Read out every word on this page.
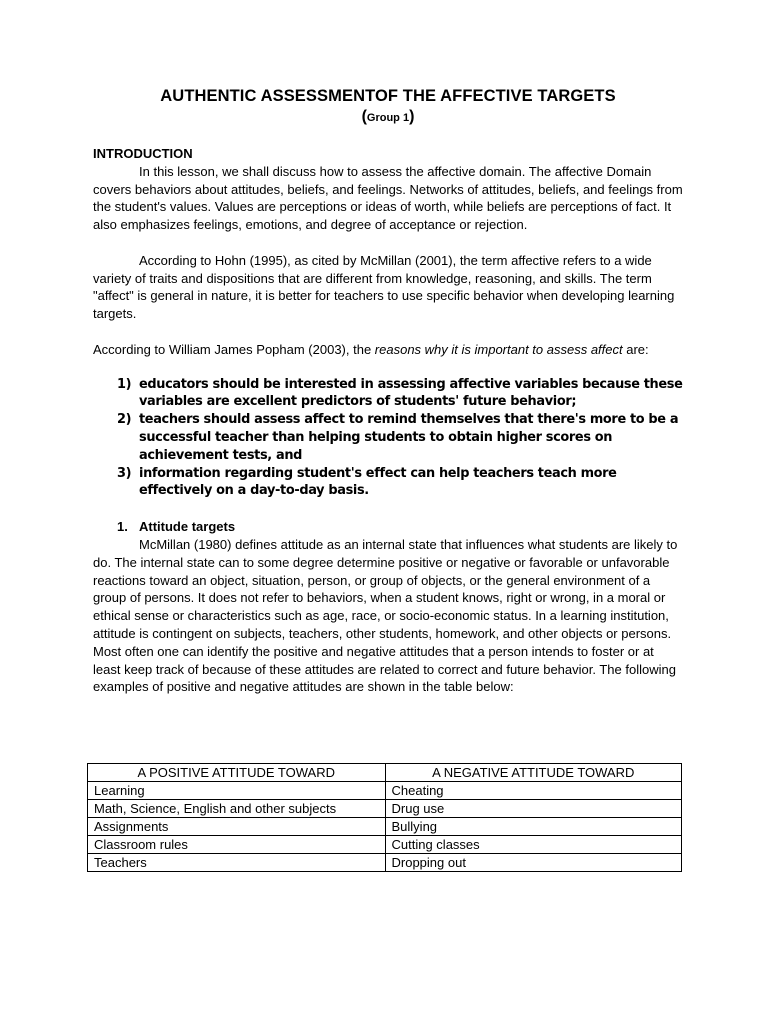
AUTHENTIC ASSESSMENTOF THE AFFECTIVE TARGETS
(Group 1)
INTRODUCTION

In this lesson, we shall discuss how to assess the affective domain. The affective Domain covers behaviors about attitudes, beliefs, and feelings. Networks of attitudes, beliefs, and feelings from the student's values. Values are perceptions or ideas of worth, while beliefs are perceptions of fact. It also emphasizes feelings, emotions, and degree of acceptance or rejection.

According to Hohn (1995), as cited by McMillan (2001), the term affective refers to a wide variety of traits and dispositions that are different from knowledge, reasoning, and skills. The term "affect" is general in nature, it is better for teachers to use specific behavior when developing learning targets.

According to William James Popham (2003), the reasons why it is important to assess affect are:

1) educators should be interested in assessing affective variables because these variables are excellent predictors of students' future behavior;
2) teachers should assess affect to remind themselves that there's more to be a successful teacher than helping students to obtain higher scores on achievement tests, and
3) information regarding student's effect can help teachers teach more effectively on a day-to-day basis.
1. Attitude targets

McMillan (1980) defines attitude as an internal state that influences what students are likely to do. The internal state can to some degree determine positive or negative or favorable or unfavorable reactions toward an object, situation, person, or group of objects, or the general environment of a group of persons. It does not refer to behaviors, when a student knows, right or wrong, in a moral or ethical sense or characteristics such as age, race, or socio-economic status. In a learning institution, attitude is contingent on subjects, teachers, other students, homework, and other objects or persons. Most often one can identify the positive and negative attitudes that a person intends to foster or at least keep track of because of these attitudes are related to correct and future behavior. The following examples of positive and negative attitudes are shown in the table below:

A POSITIVE ATTITUDE TOWARD	A NEGATIVE ATTITUDE TOWARD
Learning	Cheating
Math, Science, English and other subjects	Drug use
Assignments	Bullying
Classroom rules	Cutting classes
Teachers	Dropping out
